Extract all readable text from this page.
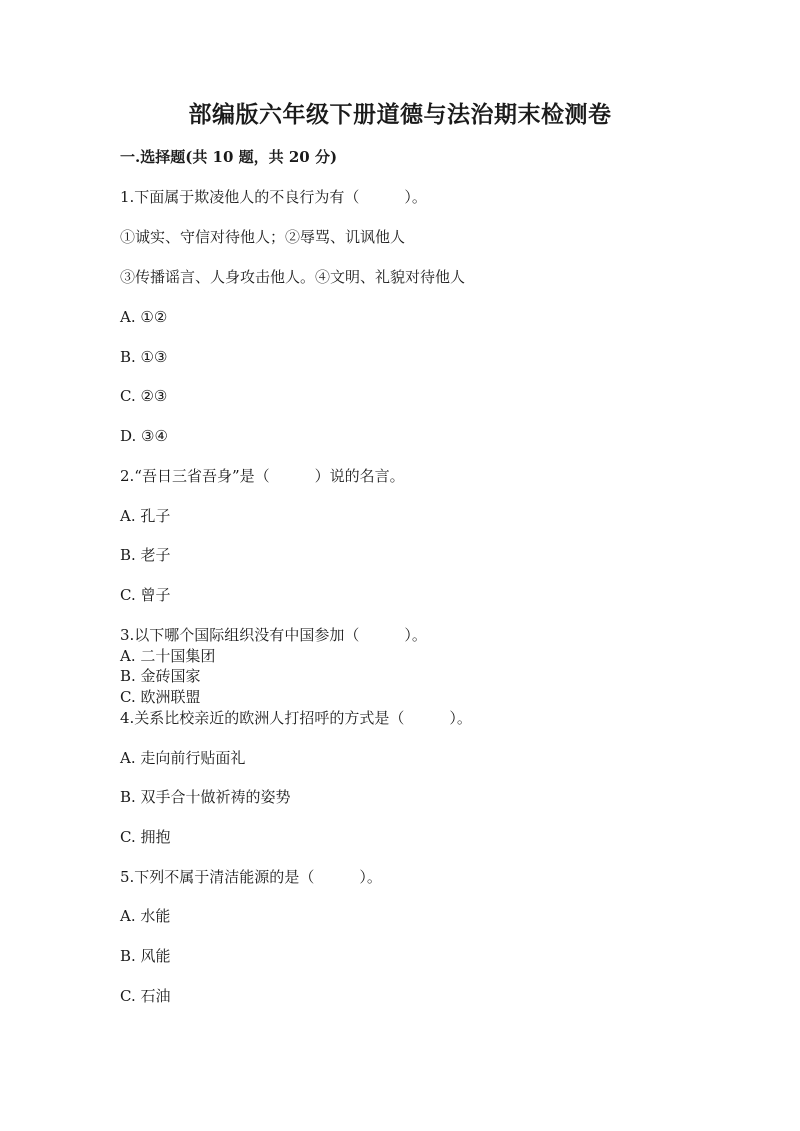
部编版六年级下册道德与法治期末检测卷
一.选择题(共 10 题，共 20 分)
1.下面属于欺凌他人的不良行为有（　　　）。
①诚实、守信对待他人；②辱骂、讥讽他人
③传播谣言、人身攻击他人。④文明、礼貌对待他人
A. ①②
B. ①③
C. ②③
D. ③④
2.“吾日三省吾身”是（　　　）说的名言。
A. 孔子
B. 老子
C. 曾子
3.以下哪个国际组织没有中国参加（　　　）。
A. 二十国集团
B. 金砖国家
C. 欧洲联盟
4.关系比校亲近的欧洲人打招呼的方式是（　　　）。
A. 走向前行贴面礼
B. 双手合十做祈祷的姿势
C. 拥抱
5.下列不属于清洁能源的是（　　　）。
A. 水能
B. 风能
C. 石油
